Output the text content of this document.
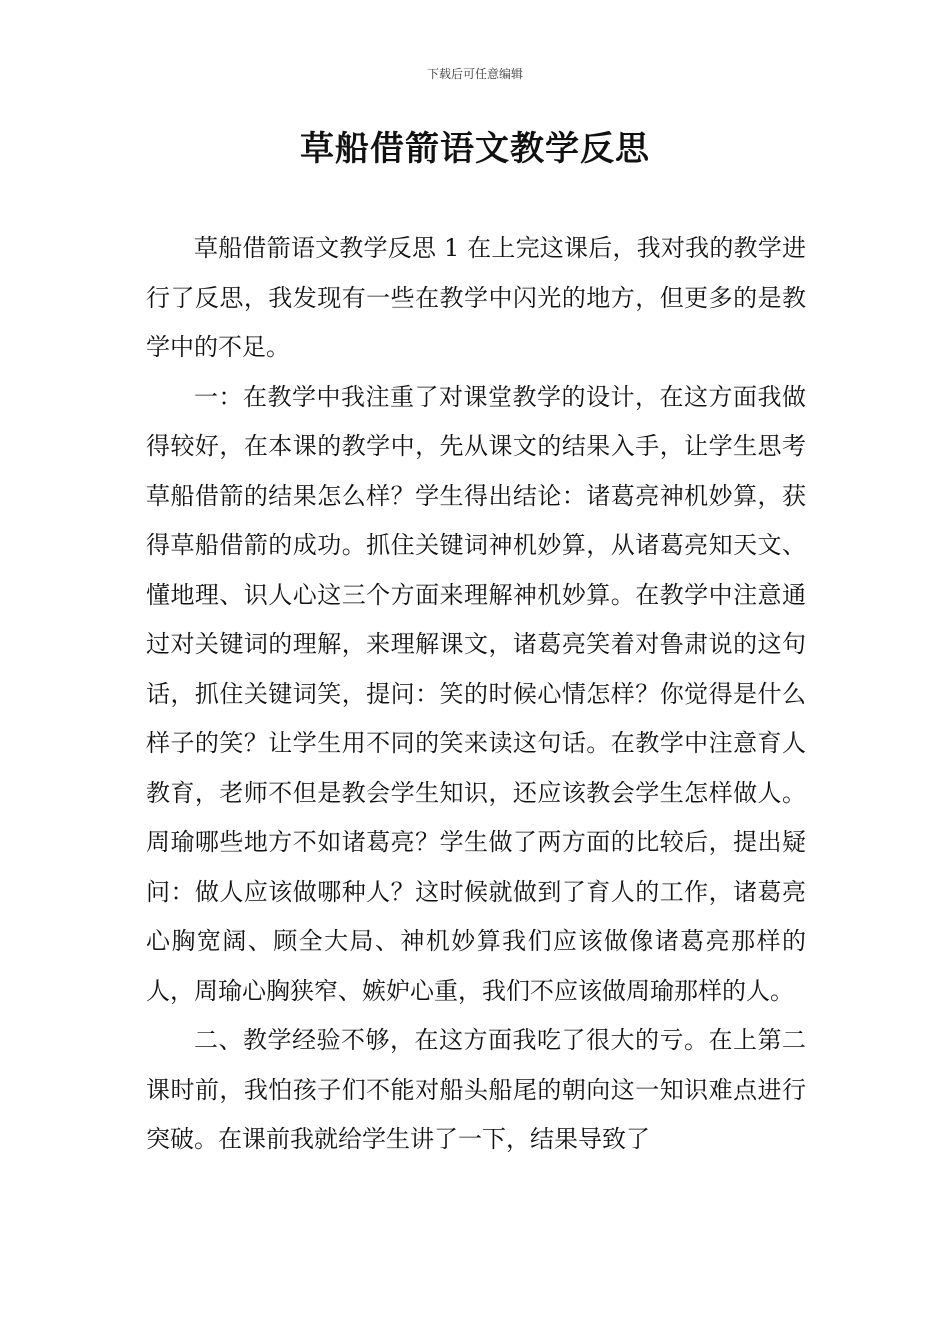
下载后可任意编辑
草船借箭语文教学反思

草船借箭语文教学反思 1 在上完这课后，我对我的教学进行了反思，我发现有一些在教学中闪光的地方，但更多的是教学中的不足。

一：在教学中我注重了对课堂教学的设计，在这方面我做得较好，在本课的教学中，先从课文的结果入手，让学生思考草船借箭的结果怎么样？学生得出结论：诸葛亮神机妙算，获得草船借箭的成功。抓住关键词神机妙算，从诸葛亮知天文、懂地理、识人心这三个方面来理解神机妙算。在教学中注意通过对关键词的理解，来理解课文，诸葛亮笑着对鲁肃说的这句话，抓住关键词笑，提问：笑的时候心情怎样？你觉得是什么样子的笑？让学生用不同的笑来读这句话。在教学中注意育人教育，老师不但是教会学生知识，还应该教会学生怎样做人。周瑜哪些地方不如诸葛亮？学生做了两方面的比较后，提出疑问：做人应该做哪种人？这时候就做到了育人的工作，诸葛亮心胸宽阔、顾全大局、神机妙算我们应该做像诸葛亮那样的人，周瑜心胸狭窄、嫉妒心重，我们不应该做周瑜那样的人。

二、教学经验不够，在这方面我吃了很大的亏。在上第二课时前，我怕孩子们不能对船头船尾的朝向这一知识难点进行突破。在课前我就给学生讲了一下，结果导致了
